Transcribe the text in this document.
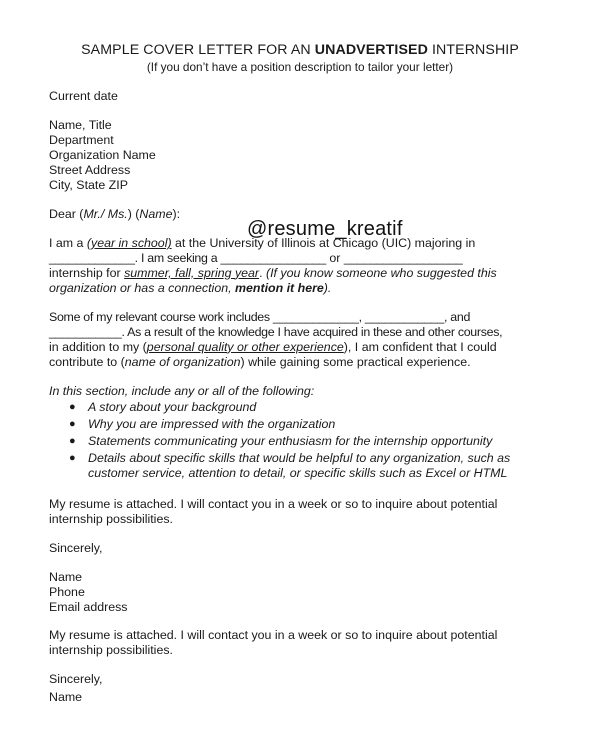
SAMPLE COVER LETTER FOR AN UNADVERTISED INTERNSHIP
(If you don’t have a position description to tailor your letter)
Current date
Name, Title
Department
Organization Name
Street Address
City, State ZIP
Dear (Mr./ Ms.) (Name):
@resume_kreatif
I am a (year in school) at the University of Illinois at Chicago (UIC) majoring in
_____________. I am seeking a ________________ or __________________
internship for summer, fall, spring year. (If you know someone who suggested this
organization or has a connection, mention it here).
Some of my relevant course work includes _____________, ____________, and
___________. As a result of the knowledge I have acquired in these and other courses,
in addition to my (personal quality or other experience), I am confident that I could
contribute to (name of organization) while gaining some practical experience.
In this section, include any or all of the following:
● A story about your background
● Why you are impressed with the organization
● Statements communicating your enthusiasm for the internship opportunity
● Details about specific skills that would be helpful to any organization, such as
customer service, attention to detail, or specific skills such as Excel or HTML
My resume is attached. I will contact you in a week or so to inquire about potential
internship possibilities.
Sincerely,
Name
Phone
Email address
My resume is attached. I will contact you in a week or so to inquire about potential
internship possibilities.
Sincerely,
Name
